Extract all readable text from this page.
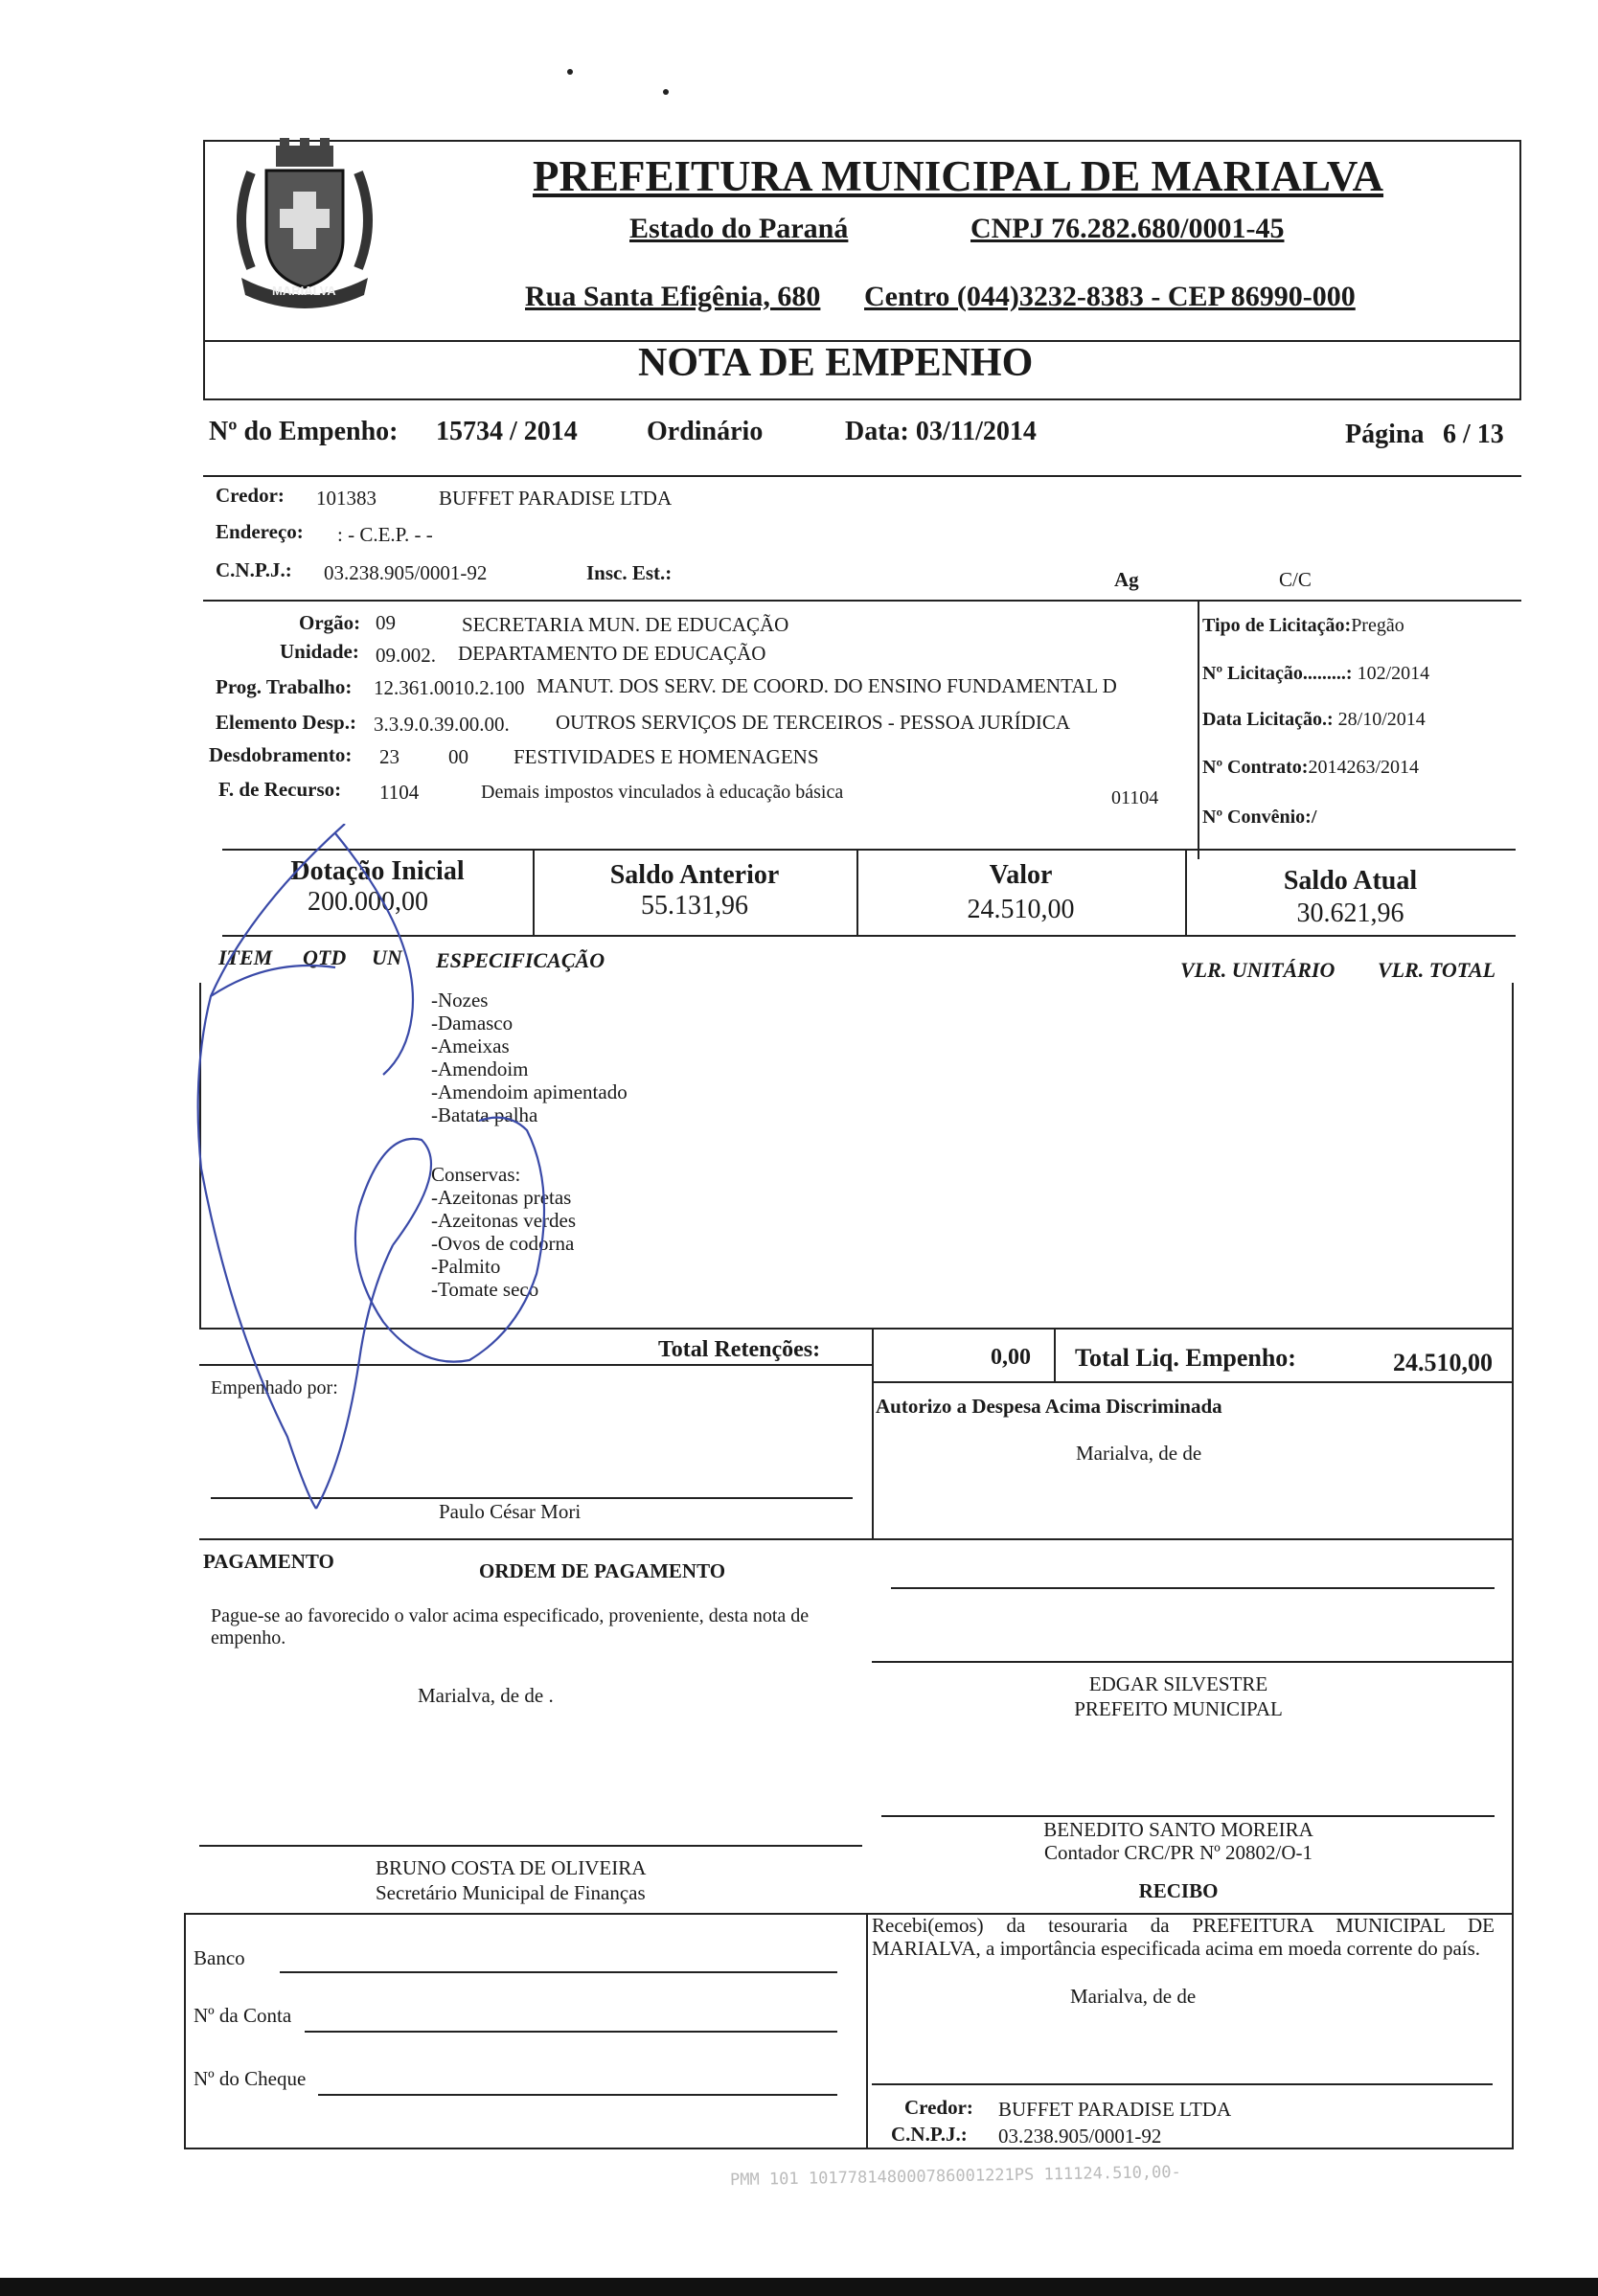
MARIALVA
PREFEITURA MUNICIPAL DE MARIALVA
Estado do Paraná	CNPJ 76.282.680/0001-45
Rua Santa Efigênia, 680 Centro (044)3232-8383 - CEP 86990-000
NOTA DE EMPENHO
Nº do Empenho: 15734 / 2014	Ordinário	Data: 03/11/2014	Página 6 / 13
Credor: 101383	BUFFET PARADISE LTDA
Endereço: : - C.E.P. - -
C.N.P.J.: 03.238.905/0001-92	Insc. Est.:	Ag	C/C
Orgão: 09	SECRETARIA MUN. DE EDUCAÇÃO
Unidade: 09.002. DEPARTAMENTO DE EDUCAÇÃO
Prog. Trabalho: 12.361.0010.2.100 MANUT. DOS SERV. DE COORD. DO ENSINO FUNDAMENTAL D
Elemento Desp.: 3.3.9.0.39.00.00. OUTROS SERVIÇOS DE TERCEIROS - PESSOA JURÍDICA
Desdobramento: 23 00 FESTIVIDADES E HOMENAGENS
F. de Recurso: 1104	Demais impostos vinculados à educação básica	01104
Tipo de Licitação:Pregão
Nº Licitação.........: 102/2014
Data Licitação.: 28/10/2014
Nº Contrato:2014263/2014
Nº Convênio:/
Dotação Inicial
200.000,00
Saldo Anterior
55.131,96
Valor
24.510,00
Saldo Atual
30.621,96
ITEM QTD UN ESPECIFICAÇÃO	VLR. UNITÁRIO VLR. TOTAL
-Nozes
-Damasco
-Ameixas
-Amendoim
-Amendoim apimentado
-Batata palha
Conservas:
-Azeitonas pretas
-Azeitonas verdes
-Ovos de codorna
-Palmito
-Tomate seco
Total Retenções:	0,00 Total Liq. Empenho:	24.510,00
Empenhado por:
Paulo César Mori
Autorizo a Despesa Acima Discriminada
Marialva, de de
PAGAMENTO	ORDEM DE PAGAMENTO
Pague-se ao favorecido o valor acima especificado, proveniente, desta nota de empenho.
Marialva, de de .	EDGAR SILVESTRE
PREFEITO MUNICIPAL
BENEDITO SANTO MOREIRA
Contador CRC/PR Nº 20802/O-1
BRUNO COSTA DE OLIVEIRA
Secretário Municipal de Finanças	RECIBO
Recebi(emos) da tesouraria da PREFEITURA MUNICIPAL DE MARIALVA, a importância especificada acima em moeda corrente do país.
Marialva, de de
Banco
Nº da Conta
Nº do Cheque
Credor: BUFFET PARADISE LTDA
C.N.P.J.: 03.238.905/0001-92
PMM 101 101778148000786001221PS 111124.510,00-
